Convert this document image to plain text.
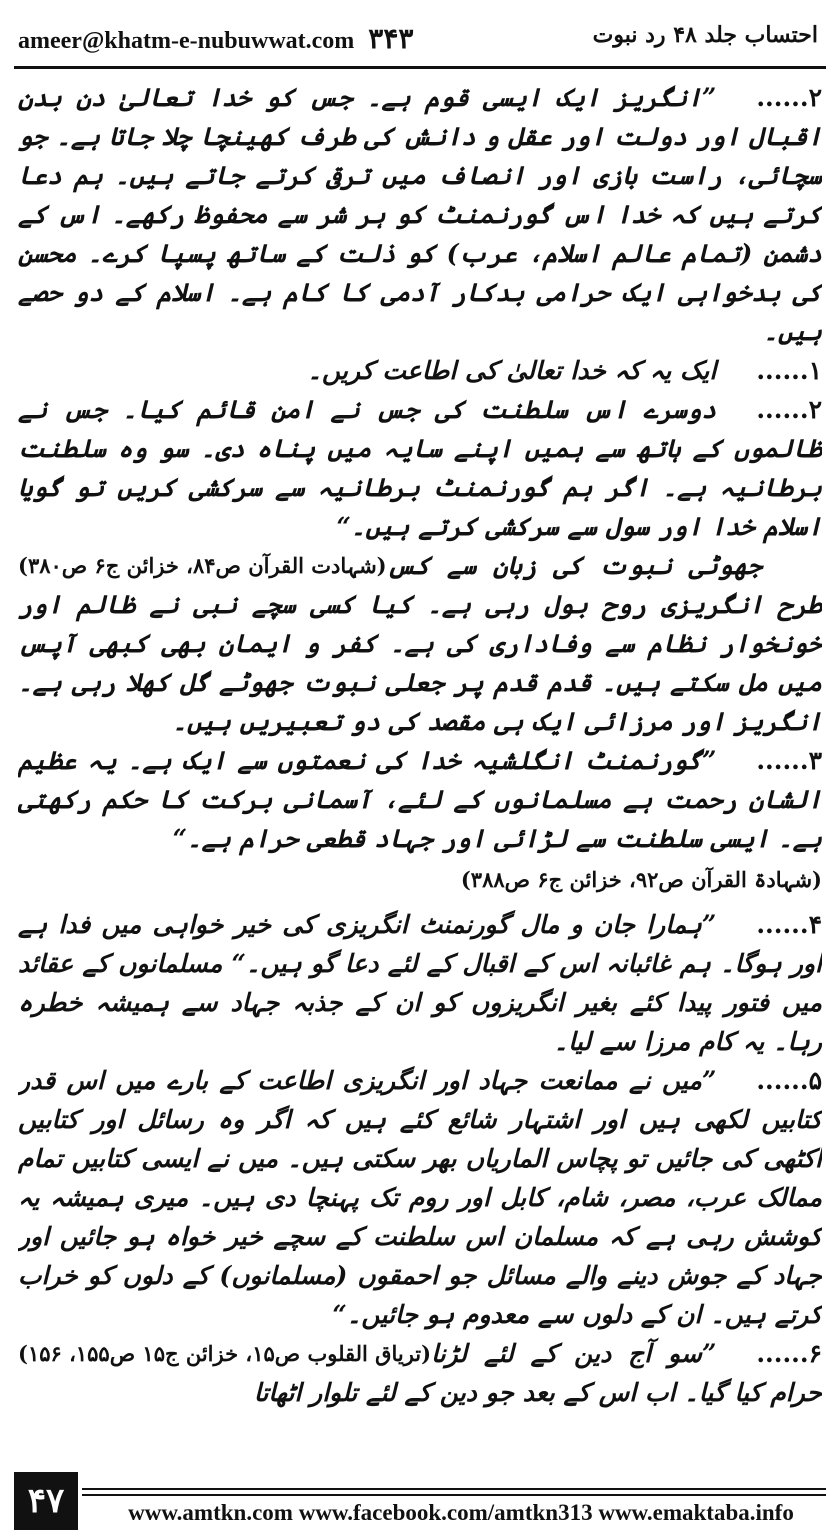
ameer@khatm-e-nubuwwat.com ۳۴۳	احتساب جلد ۴۸ رد نبوت

۲......”انگریز ایک ایسی قوم ہے۔ جس کو خدا تعالیٰ دن بدن اقبال اور دولت اور عقل و دانش کی طرف کھینچا چلا جاتا ہے۔ جو سچائی، راست بازی اور انصاف میں ترقی کرتے جاتے ہیں۔ ہم دعا کرتے ہیں کہ خدا اس گورنمنٹ کو ہر شر سے محفوظ رکھے۔ اس کے دشمن (تمام عالم اسلام، عرب) کو ذلت کے ساتھ پسپا کرے۔ محسن کی بدخواہی ایک حرامی بدکار آدمی کا کام ہے۔ اسلام کے دو حصے ہیں۔

۱......ایک یہ کہ خدا تعالیٰ کی اطاعت کریں۔

۲......دوسرے اس سلطنت کی جس نے امن قائم کیا۔ جس نے ظالموں کے ہاتھ سے ہمیں اپنے سایہ میں پناہ دی۔ سو وہ سلطنت برطانیہ ہے۔ اگر ہم گورنمنٹ برطانیہ سے سرکشی کریں تو گویا اسلام خدا اور سول سے سرکشی کرتے ہیں۔“
(شہادت القرآن ص۸۴، خزائن ج۶ ص۳۸۰) جھوٹی نبوت کی زبان سے کس طرح انگریزی روح بول رہی ہے۔ کیا کسی سچے نبی نے ظالم اور خونخوار نظام سے وفاداری کی ہے۔ کفر و ایمان بھی کبھی آپس میں مل سکتے ہیں۔ قدم قدم پر جعلی نبوت جھوٹے گل کھلا رہی ہے۔ انگریز اور مرزائی ایک ہی مقصد کی دو تعبیریں ہیں۔

۳......”گورنمنٹ انگلشیہ خدا کی نعمتوں سے ایک ہے۔ یہ عظیم الشان رحمت ہے مسلمانوں کے لئے، آسمانی برکت کا حکم رکھتی ہے۔ ایسی سلطنت سے لڑائی اور جہاد قطعی حرام ہے۔“

(شہادۃ القرآن ص۹۲، خزائن ج۶ ص۳۸۸)

۴......”ہمارا جان و مال گورنمنٹ انگریزی کی خیر خواہی میں فدا ہے اور ہوگا۔ ہم غائبانہ اس کے اقبال کے لئے دعا گو ہیں۔“ مسلمانوں کے عقائد میں فتور پیدا کئے بغیر انگریزوں کو ان کے جذبہ جہاد سے ہمیشہ خطرہ رہا۔ یہ کام مرزا سے لیا۔

۵......”میں نے ممانعت جہاد اور انگریزی اطاعت کے بارے میں اس قدر کتابیں لکھی ہیں اور اشتہار شائع کئے ہیں کہ اگر وہ رسائل اور کتابیں اکٹھی کی جائیں تو پچاس الماریاں بھر سکتی ہیں۔ میں نے ایسی کتابیں تمام ممالک عرب، مصر، شام، کابل اور روم تک پہنچا دی ہیں۔ میری ہمیشہ یہ کوشش رہی ہے کہ مسلمان اس سلطنت کے سچے خیر خواہ ہو جائیں اور جہاد کے جوش دینے والے مسائل جو احمقوں (مسلمانوں) کے دلوں کو خراب کرتے ہیں۔ ان کے دلوں سے معدوم ہو جائیں۔“
(تریاق القلوب ص۱۵، خزائن ج۱۵ ص۱۵۵، ۱۵۶)	۶......”سو آج دین کے لئے لڑنا حرام کیا گیا۔ اب اس کے بعد جو دین کے لئے تلوار اٹھاتا

۴۷	www.amtkn.com www.facebook.com/amtkn313 www.emaktaba.info
